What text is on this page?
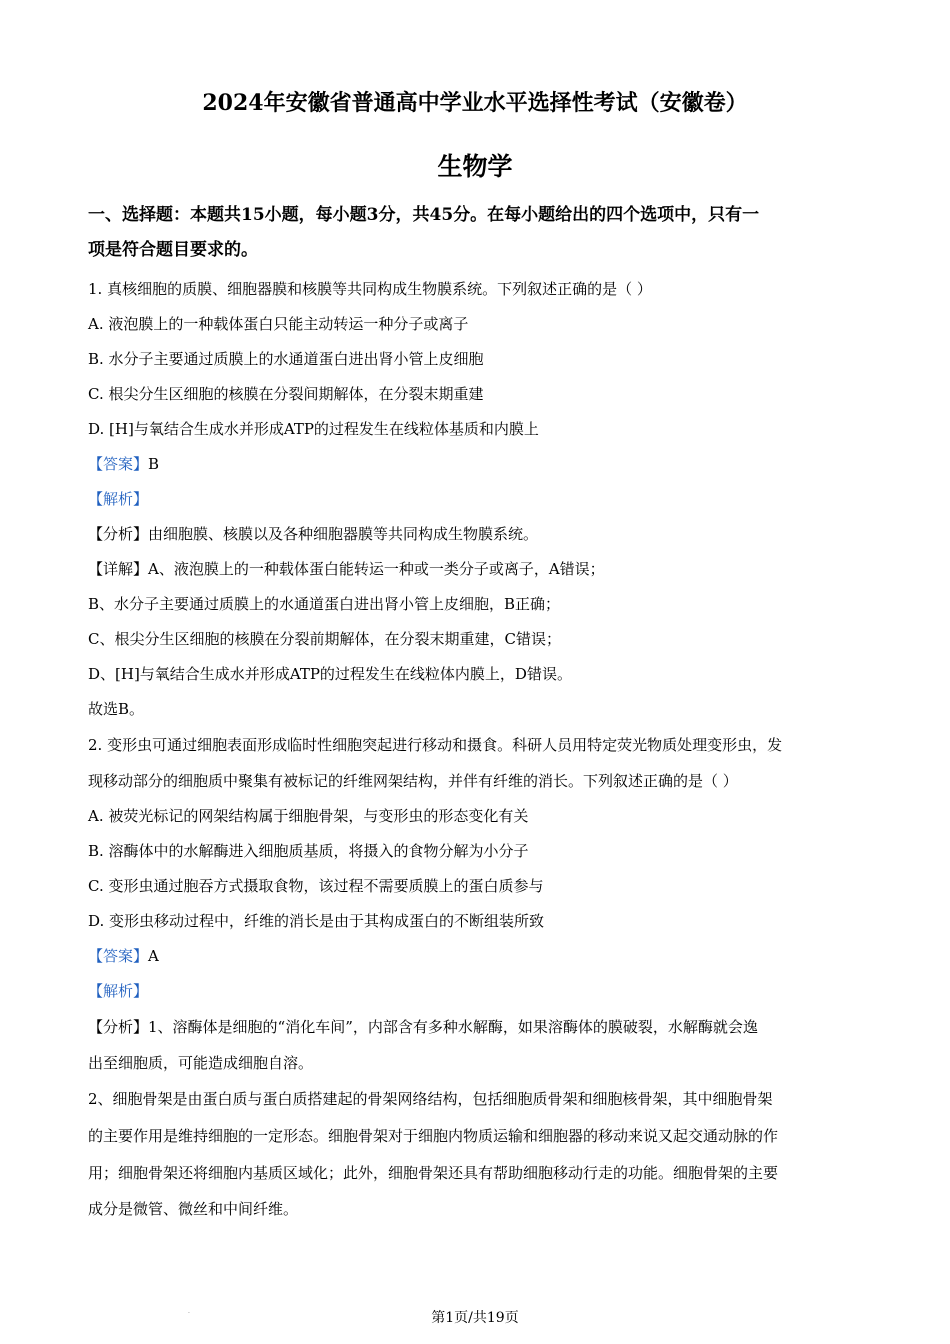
2024年安徽省普通高中学业水平选择性考试（安徽卷）
生物学
一、选择题：本题共15小题，每小题3分，共45分。在每小题给出的四个选项中，只有一
项是符合题目要求的。
1. 真核细胞的质膜、细胞器膜和核膜等共同构成生物膜系统。下列叙述正确的是（ ）
A. 液泡膜上的一种载体蛋白只能主动转运一种分子或离子
B. 水分子主要通过质膜上的水通道蛋白进出肾小管上皮细胞
C. 根尖分生区细胞的核膜在分裂间期解体，在分裂末期重建
D. [H]与氧结合生成水并形成ATP的过程发生在线粒体基质和内膜上
【答案】B
【解析】
【分析】由细胞膜、核膜以及各种细胞器膜等共同构成生物膜系统。
【详解】A、液泡膜上的一种载体蛋白能转运一种或一类分子或离子，A错误；
B、水分子主要通过质膜上的水通道蛋白进出肾小管上皮细胞，B正确；
C、根尖分生区细胞的核膜在分裂前期解体，在分裂末期重建，C错误；
D、[H]与氧结合生成水并形成ATP的过程发生在线粒体内膜上，D错误。
故选B。
2. 变形虫可通过细胞表面形成临时性细胞突起进行移动和摄食。科研人员用特定荧光物质处理变形虫，发
现移动部分的细胞质中聚集有被标记的纤维网架结构，并伴有纤维的消长。下列叙述正确的是（ ）
A. 被荧光标记的网架结构属于细胞骨架，与变形虫的形态变化有关
B. 溶酶体中的水解酶进入细胞质基质，将摄入的食物分解为小分子
C. 变形虫通过胞吞方式摄取食物，该过程不需要质膜上的蛋白质参与
D. 变形虫移动过程中，纤维的消长是由于其构成蛋白的不断组装所致
【答案】A
【解析】
【分析】1、溶酶体是细胞的“消化车间”，内部含有多种水解酶，如果溶酶体的膜破裂，水解酶就会逸
出至细胞质，可能造成细胞自溶。
2、细胞骨架是由蛋白质与蛋白质搭建起的骨架网络结构，包括细胞质骨架和细胞核骨架，其中细胞骨架
的主要作用是维持细胞的一定形态。细胞骨架对于细胞内物质运输和细胞器的移动来说又起交通动脉的作
用；细胞骨架还将细胞内基质区域化；此外，细胞骨架还具有帮助细胞移动行走的功能。细胞骨架的主要
成分是微管、微丝和中间纤维。
.	第1页/共19页
